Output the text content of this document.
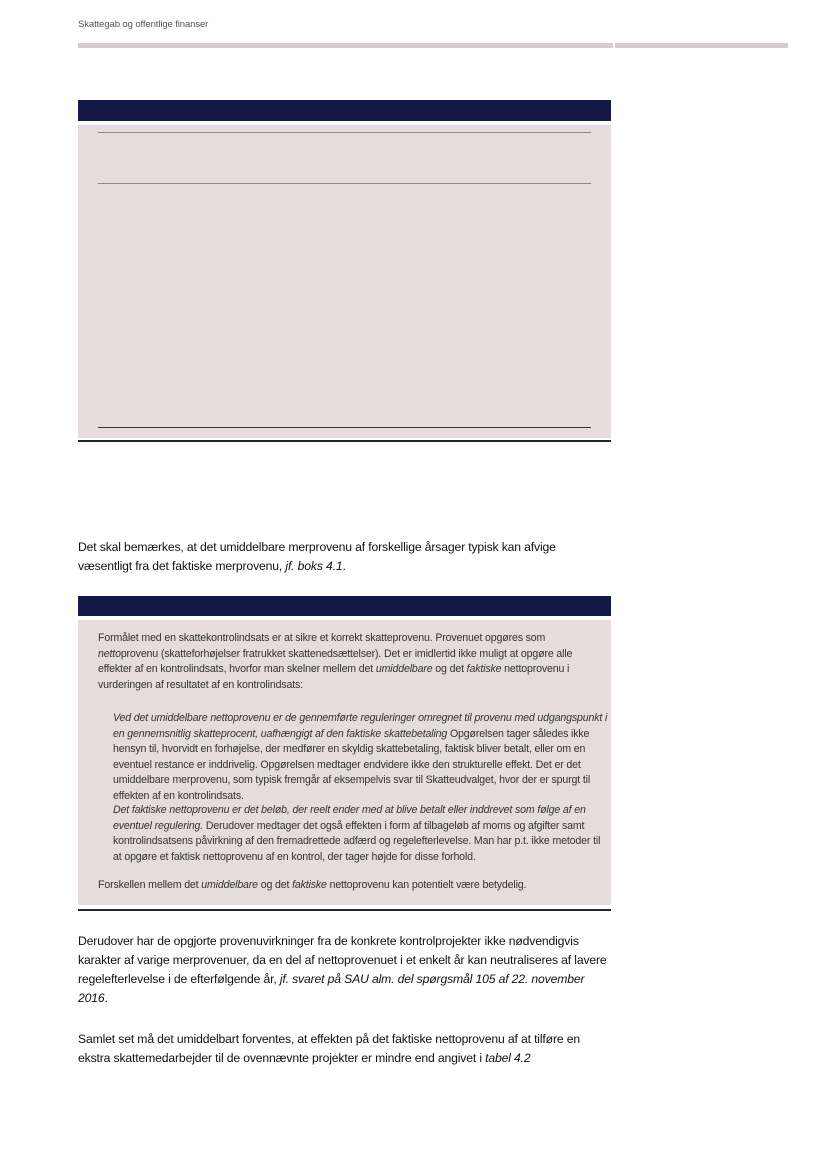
Skattegab og offentlige finanser

Det skal bemærkes, at det umiddelbare merprovenu af forskellige årsager typisk kan afvige væsentligt fra det faktiske merprovenu, jf. boks 4.1.

Formålet med en skattekontrolindsats er at sikre et korrekt skatteprovenu. Provenuet opgøres som nettoprovenu (skatteforhøjelser fratrukket skattenedsættelser). Det er imidlertid ikke muligt at opgøre alle effekter af en kontrolindsats, hvorfor man skelner mellem det umiddelbare og det faktiske nettoprovenu i vurderingen af resultatet af en kontrolindsats:

Ved det umiddelbare nettoprovenu er de gennemførte reguleringer omregnet til provenu med udgangspunkt i en gennemsnitlig skatteprocent, uafhængigt af den faktiske skattebetaling Opgørelsen tager således ikke hensyn til, hvorvidt en forhøjelse, der medfører en skyldig skattebetaling, faktisk bliver betalt, eller om en eventuel restance er inddrivelig. Opgørelsen medtager endvidere ikke den strukturelle effekt. Det er det umiddelbare merprovenu, som typisk fremgår af eksempelvis svar til Skatteudvalget, hvor der er spurgt til effekten af en kontrolindsats.

Det faktiske nettoprovenu er det beløb, der reelt ender med at blive betalt eller inddrevet som følge af en eventuel regulering. Derudover medtager det også effekten i form af tilbageløb af moms og afgifter samt kontrolindsatsens påvirkning af den fremadrettede adfærd og regelefterlevelse. Man har p.t. ikke metoder til at opgøre et faktisk nettoprovenu af en kontrol, der tager højde for disse forhold.

Forskellen mellem det umiddelbare og det faktiske nettoprovenu kan potentielt være betydelig.

Derudover har de opgjorte provenuvirkninger fra de konkrete kontrolprojekter ikke nødvendigvis karakter af varige merprovenuer, da en del af nettoprovenuet i et enkelt år kan neutraliseres af lavere regelefterlevelse i de efterfølgende år, jf. svaret på SAU alm. del spørgsmål 105 af 22. november 2016.

Samlet set må det umiddelbart forventes, at effekten på det faktiske nettoprovenu af at tilføre en ekstra skattemedarbejder til de ovennævnte projekter er mindre end angivet i tabel 4.2
